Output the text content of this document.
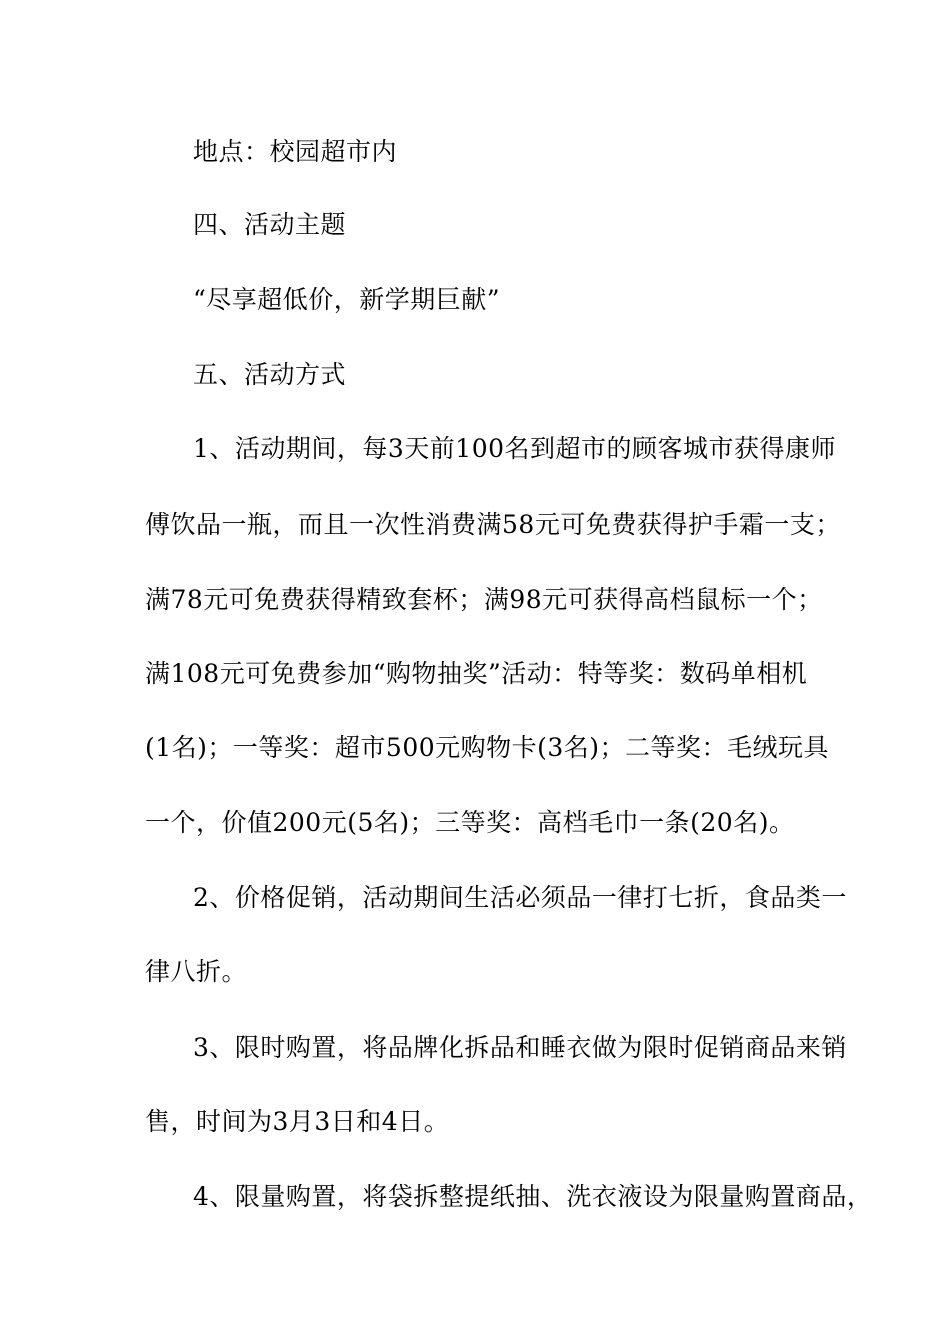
地点：校园超市内
四、活动主题
“尽享超低价，新学期巨献”
五、活动方式
1、活动期间，每3天前100名到超市的顾客城市获得康师
傅饮品一瓶，而且一次性消费满58元可免费获得护手霜一支；
满78元可免费获得精致套杯；满98元可获得高档鼠标一个；
满108元可免费参加“购物抽奖”活动：特等奖：数码单相机
(1名)；一等奖：超市500元购物卡(3名)；二等奖：毛绒玩具
一个，价值200元(5名)；三等奖：高档毛巾一条(20名)。
2、价格促销，活动期间生活必须品一律打七折，食品类一
律八折。
3、限时购置，将品牌化拆品和睡衣做为限时促销商品来销
售，时间为3月3日和4日。
4、限量购置，将袋拆整提纸抽、洗衣液设为限量购置商品，
